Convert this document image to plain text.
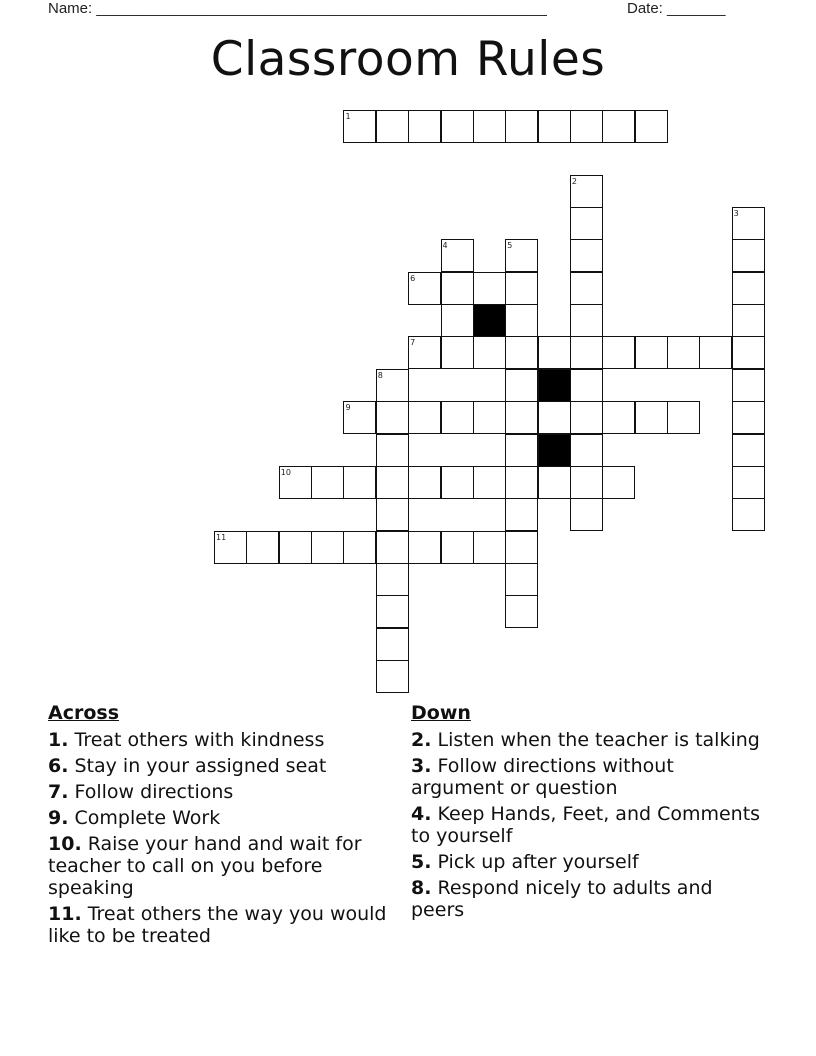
Name: ______________________________________________________	Date: _______
Classroom Rules
1
2
3
4	5
6
7
8
9
10
11
Across
1. Treat others with kindness
6. Stay in your assigned seat
7. Follow directions
9. Complete Work
10. Raise your hand and wait for teacher to call on you before speaking
11. Treat others the way you would like to be treated
Down
2. Listen when the teacher is talking
3. Follow directions without argument or question
4. Keep Hands, Feet, and Comments to yourself
5. Pick up after yourself
8. Respond nicely to adults and peers
